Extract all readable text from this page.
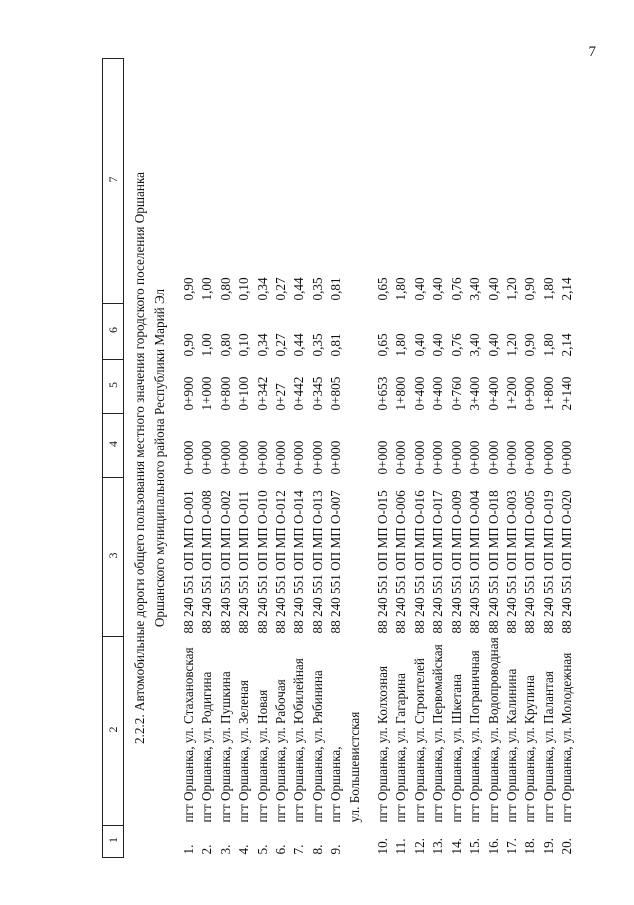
7
1	2	3	4	5	6	7

2.2.2. Автомобильные дороги общего пользования местного значения городского поселения Оршанка Оршанского муниципального района Республики Марий Эл						

1.	пгт Оршанка, ул. Стахановская	88 240 551 ОП МП О-001	0+000	0+900	0,90	0,90
2.	пгт Оршанка, ул. Родигина	88 240 551 ОП МП О-008	0+000	1+000	1,00	1,00
3.	пгт Оршанка, ул. Пушкина	88 240 551 ОП МП О-002	0+000	0+800	0,80	0,80
4.	пгт Оршанка, ул. Зеленая	88 240 551 ОП МП О-011	0+000	0+100	0,10	0,10
5.	пгт Оршанка, ул. Новая	88 240 551 ОП МП О-010	0+000	0+342	0,34	0,34
6.	пгт Оршанка, ул. Рабочая	88 240 551 ОП МП О-012	0+000	0+27	0,27	0,27
7.	пгт Оршанка, ул. Юбилейная	88 240 551 ОП МП О-014	0+000	0+442	0,44	0,44
8.	пгт Оршанка, ул. Рябинина	88 240 551 ОП МП О-013	0+000	0+345	0,35	0,35
9.	пгт Оршанка,	88 240 551 ОП МП О-007	0+000	0+805	0,81	0,81
	ул. Большевистская					

10.	пгт Оршанка, ул. Колхозная	88 240 551 ОП МП О-015	0+000	0+653	0,65	0,65
11.	пгт Оршанка, ул. Гагарина	88 240 551 ОП МП О-006	0+000	1+800	1,80	1,80
12.	пгт Оршанка, ул. Строителей	88 240 551 ОП МП О-016	0+000	0+400	0,40	0,40
13.	пгт Оршанка, ул. Первомайская	88 240 551 ОП МП О-017	0+000	0+400	0,40	0,40
14.	пгт Оршанка, ул. Шкетана	88 240 551 ОП МП О-009	0+000	0+760	0,76	0,76
15.	пгт Оршанка, ул. Пограничная	88 240 551 ОП МП О-004	0+000	3+400	3,40	3,40
16.	пгт Оршанка, ул. Водопроводная	88 240 551 ОП МП О-018	0+000	0+400	0,40	0,40
17.	пгт Оршанка, ул. Калинина	88 240 551 ОП МП О-003	0+000	1+200	1,20	1,20
18.	пгт Оршанка, ул. Крупина	88 240 551 ОП МП О-005	0+000	0+900	0,90	0,90
19.	пгт Оршанка, ул. Палантая	88 240 551 ОП МП О-019	0+000	1+800	1,80	1,80
20.	пгт Оршанка, ул. Молодежная	88 240 551 ОП МП О-020	0+000	2+140	2,14	2,14
